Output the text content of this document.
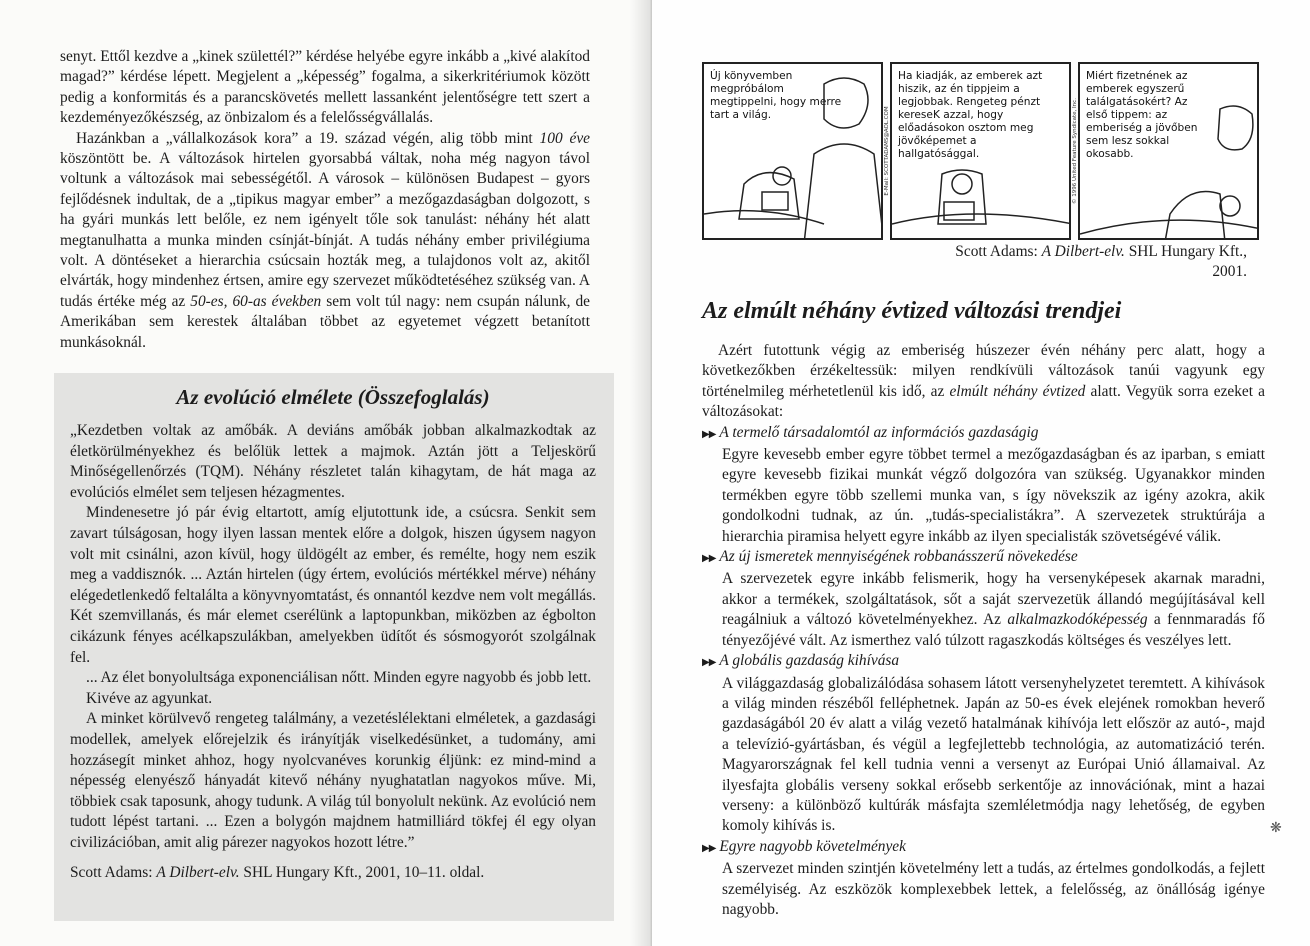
senyt. Ettől kezdve a „kinek születtél?” kérdése helyébe egyre inkább a „kivé alakítod magad?” kérdése lépett. Megjelent a „képesség” fogalma, a sikerkritériumok között pedig a konformitás és a parancskövetés mellett lassanként jelentőségre tett szert a kezdeményezőkészség, az önbizalom és a felelősségvállalás.

Hazánkban a „vállalkozások kora” a 19. század végén, alig több mint 100 éve köszöntött be. A változások hirtelen gyorsabbá váltak, noha még nagyon távol voltunk a változások mai sebességétől. A városok – különösen Budapest – gyors fejlődésnek indultak, de a „tipikus magyar ember” a mezőgazdaságban dolgozott, s ha gyári munkás lett belőle, ez nem igényelt tőle sok tanulást: néhány hét alatt megtanulhatta a munka minden csínját-bínját. A tudás néhány ember privilégiuma volt. A döntéseket a hierarchia csúcsain hozták meg, a tulajdonos volt az, akitől elvárták, hogy mindenhez értsen, amire egy szervezet működtetéséhez szükség van. A tudás értéke még az 50-es, 60-as években sem volt túl nagy: nem csupán nálunk, de Amerikában sem kerestek általában többet az egyetemet végzett betanított munkásoknál.

Az evolúció elmélete (Összefoglalás)

„Kezdetben voltak az amőbák. A deviáns amőbák jobban alkalmazkodtak az életkörülményekhez és belőlük lettek a majmok. Aztán jött a Teljeskörű Minőségellenőrzés (TQM). Néhány részletet talán kihagytam, de hát maga az evolúciós elmélet sem teljesen hézagmentes.

Mindenesetre jó pár évig eltartott, amíg eljutottunk ide, a csúcsra. Senkit sem zavart túlságosan, hogy ilyen lassan mentek előre a dolgok, hiszen úgysem nagyon volt mit csinálni, azon kívül, hogy üldögélt az ember, és remélte, hogy nem eszik meg a vaddisznók. ... Aztán hirtelen (úgy értem, evolúciós mértékkel mérve) néhány elégedetlenkedő feltalálta a könyvnyomtatást, és onnantól kezdve nem volt megállás. Két szemvillanás, és már elemet cserélünk a laptopunkban, miközben az égbolton cikázunk fényes acélkapszulákban, amelyekben üdítőt és sósmogyorót szolgálnak fel.

... Az élet bonyolultsága exponenciálisan nőtt. Minden egyre nagyobb és jobb lett.

Kivéve az agyunkat.

A minket körülvevő rengeteg találmány, a vezetéslélektani elméletek, a gazdasági modellek, amelyek előrejelzik és irányítják viselkedésünket, a tudomány, ami hozzásegít minket ahhoz, hogy nyolcvanéves korunkig éljünk: ez mind-mind a népesség elenyésző hányadát kitevő néhány nyughatatlan nagyokos műve. Mi, többiek csak taposunk, ahogy tudunk. A világ túl bonyolult nekünk. Az evolúció nem tudott lépést tartani. ... Ezen a bolygón majdnem hatmilliárd tökfej él egy olyan civilizációban, amit alig párezer nagyokos hozott létre.”

Scott Adams: A Dilbert-elv. SHL Hungary Kft., 2001, 10–11. oldal.

Új könyvemben megpróbálom megtippelni, hogy merre tart a világ.	E-Mail: SCOTTADAMS@AOL.COM
Ha kiadják, az emberek azt hiszik, az én tippjeim a legjobbak. Rengeteg pénzt kereseK azzal, hogy előadásokon osztom meg jövőképemet a hallgatósággal.	© 1996 United Feature Syndicate, Inc.
Miért fizetnének az emberek egyszerű találgatásokért? Az első tippem: az emberiség a jövőben sem lesz sokkal okosabb.
Scott Adams: A Dilbert-elv. SHL Hungary Kft., 2001.
Az elmúlt néhány évtized változási trendjei

Azért futottunk végig az emberiség húszezer évén néhány perc alatt, hogy a következőkben érzékeltessük: milyen rendkívüli változások tanúi vagyunk egy történelmileg mérhetetlenül kis idő, az elmúlt néhány évtized alatt. Vegyük sorra ezeket a változásokat:

▶▶ A termelő társadalomtól az információs gazdaságig

Egyre kevesebb ember egyre többet termel a mezőgazdaságban és az iparban, s emiatt egyre kevesebb fizikai munkát végző dolgozóra van szükség. Ugyanakkor minden termékben egyre több szellemi munka van, s így növekszik az igény azokra, akik gondolkodni tudnak, az ún. „tudás-specialistákra”. A szervezetek struktúrája a hierarchia piramisa helyett egyre inkább az ilyen specialisták szövetségévé válik.

▶▶ Az új ismeretek mennyiségének robbanásszerű növekedése

A szervezetek egyre inkább felismerik, hogy ha versenyképesek akarnak maradni, akkor a termékek, szolgáltatások, sőt a saját szervezetük állandó megújításával kell reagálniuk a változó követelményekhez. Az alkalmazkodóképesség a fennmaradás fő tényezőjévé vált. Az ismerthez való túlzott ragaszkodás költséges és veszélyes lett.

▶▶ A globális gazdaság kihívása

A világgazdaság globalizálódása sohasem látott versenyhelyzetet teremtett. A kihívások a világ minden részéből felléphetnek. Japán az 50-es évek elejének romokban heverő gazdaságából 20 év alatt a világ vezető hatalmának kihívója lett először az autó-, majd a televízió-gyártásban, és végül a legfejlettebb technológia, az automatizáció terén. Magyarországnak fel kell tudnia venni a versenyt az Európai Unió államaival. Az ilyesfajta globális verseny sokkal erősebb serkentője az innovációnak, mint a hazai verseny: a különböző kultúrák másfajta szemléletmódja nagy lehetőség, de egyben komoly kihívás is.

▶▶ Egyre nagyobb követelmények

A szervezet minden szintjén követelmény lett a tudás, az értelmes gondolkodás, a fejlett személyiség. Az eszközök komplexebbek lettek, a felelősség, az önállóság igénye nagyobb.

❋
